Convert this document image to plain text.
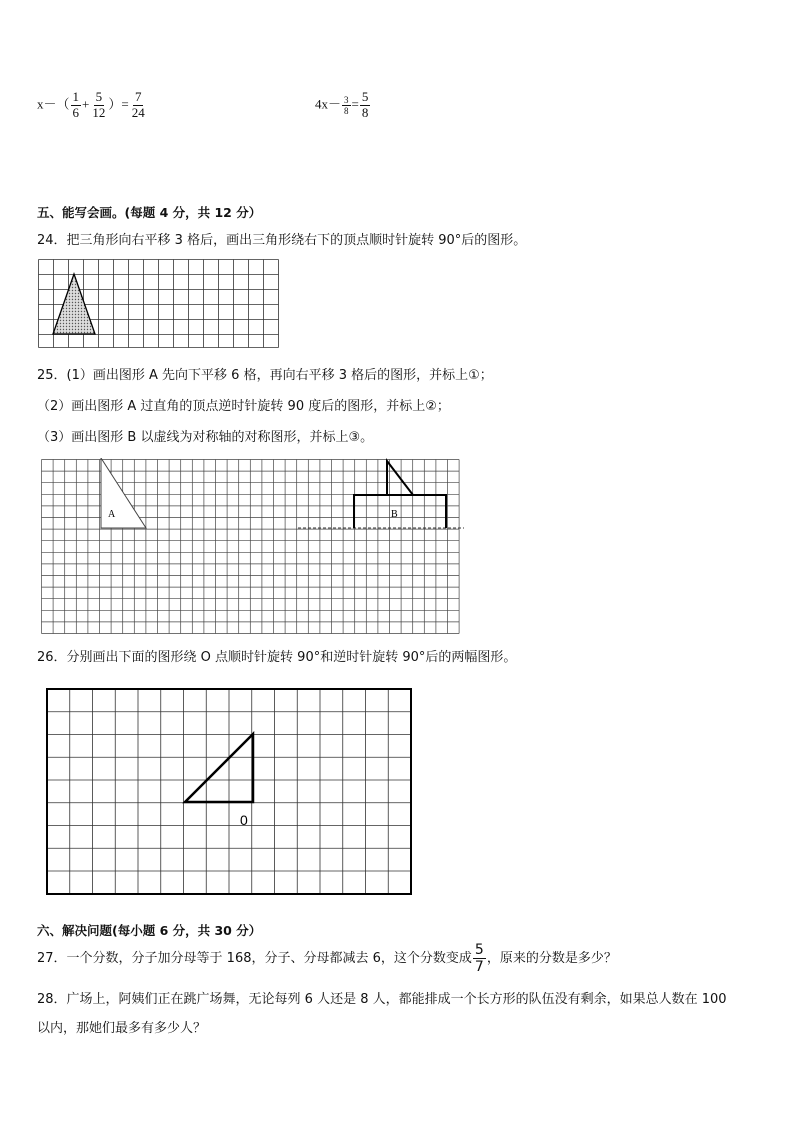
$x-( \frac{1}{6} + \frac{5}{12}$ ）= $\frac{7}{24}$	$4x- \frac{3}{8} = \frac{5}{8}$
五、能写会画。(每题 4 分，共 12 分）
24．把三角形向右平移 3 格后，画出三角形绕右下的顶点顺时针旋转 90°后的图形。
25．(1）画出图形 A 先向下平移 6 格，再向右平移 3 格后的图形，并标上①；
（2）画出图形 A 过直角的顶点逆时针旋转 90 度后的图形，并标上②；
（3）画出图形 B 以虚线为对称轴的对称图形，并标上③。
A	B
26．分别画出下面的图形绕 O 点顺时针旋转 90°和逆时针旋转 90°后的两幅图形。
0
六、解决问题(每小题 6 分，共 30 分）
27．一个分数，分子加分母等于 168，分子、分母都减去 6，这个分数变成 $\frac{5}{7}$ ，原来的分数是多少？
28．广场上，阿姨们正在跳广场舞，无论每列 6 人还是 8 人，都能排成一个长方形的队伍没有剩余，如果总人数在 100
以内，那她们最多有多少人？
